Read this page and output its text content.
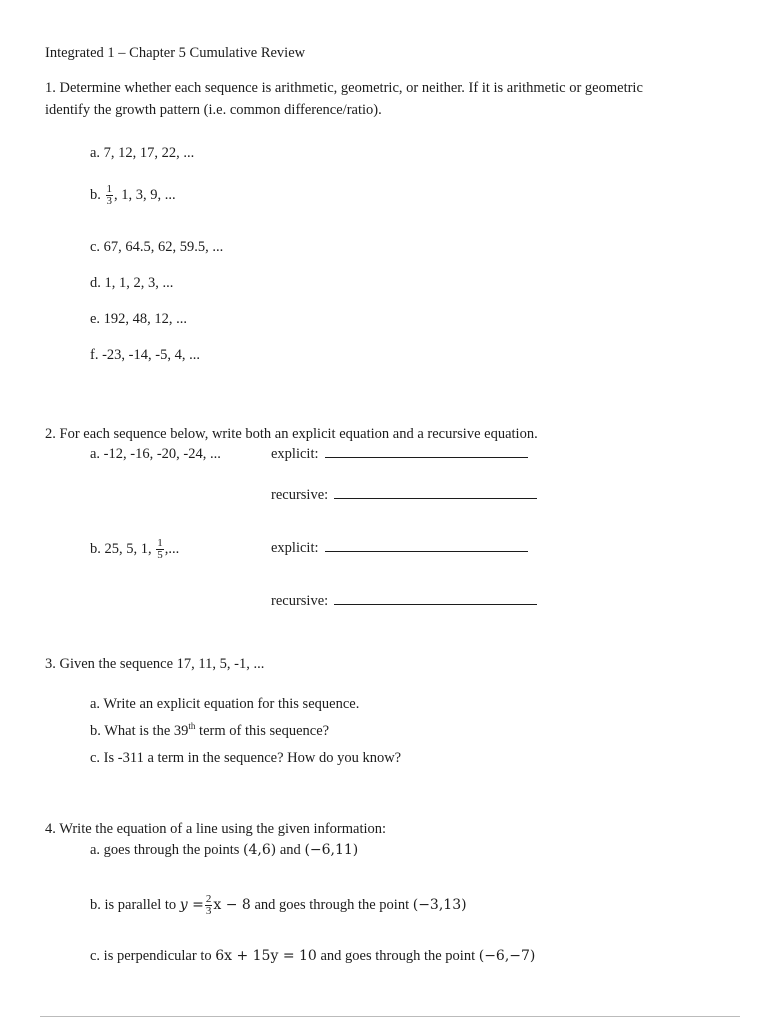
Integrated 1 – Chapter 5 Cumulative Review
1. Determine whether each sequence is arithmetic, geometric, or neither. If it is arithmetic or geometric
identify the growth pattern (i.e. common difference/ratio).
a. 7, 12, 17, 22, ...
b. $\frac{1}{3}$ , 1, 3, 9, ...
c. 67, 64.5, 62, 59.5, ...
d. 1, 1, 2, 3, ...
e. 192, 48, 12, ...
f. -23, -14, -5, 4, ...
2. For each sequence below, write both an explicit equation and a recursive equation.
a. -12, -16, -20, -24, ...	explicit:
recursive:
b. 25, 5, 1, $\frac{1}{5}$ ,...	explicit:
recursive:
3. Given the sequence 17, 11, 5, -1, ...
a. Write an explicit equation for this sequence.
b. What is the 39th term of this sequence?
c. Is -311 a term in the sequence? How do you know?
4. Write the equation of a line using the given information:
a. goes through the points (4,6) and (−6,11)
b. is parallel to $y = \frac{2}{3}$ x − 8 and goes through the point (−3,13)
c. is perpendicular to 6x + 15y = 10 and goes through the point (−6,−7)
